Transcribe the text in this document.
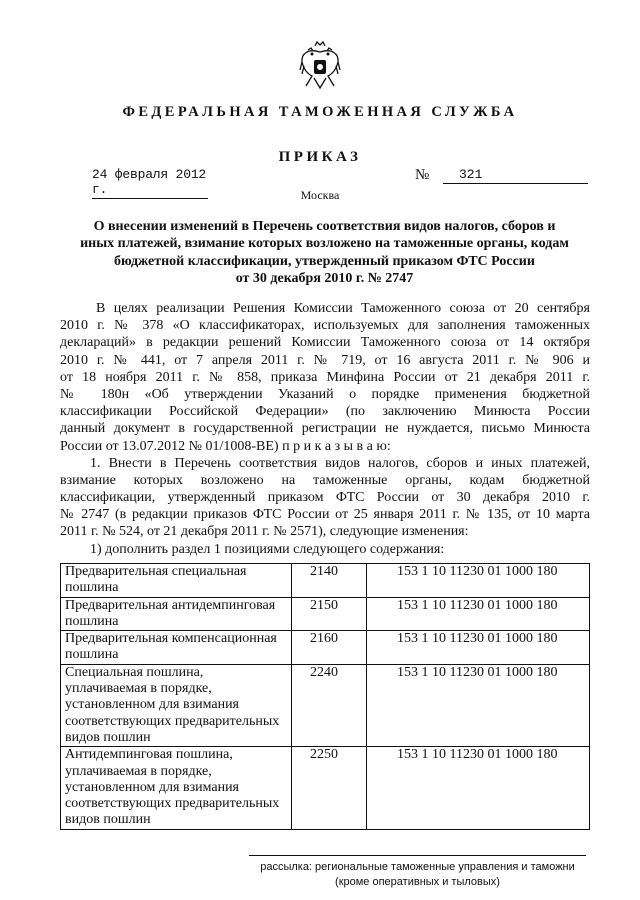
ФЕДЕРАЛЬНАЯ ТАМОЖЕННАЯ СЛУЖБА
ПРИКАЗ
24 февраля 2012 г.
№	321
Москва
О внесении изменений в Перечень соответствия видов налогов, сборов и
иных платежей, взимание которых возложено на таможенные органы, кодам
бюджетной классификации, утвержденный приказом ФТС России
от 30 декабря 2010 г. № 2747
В целях реализации Решения Комиссии Таможенного союза от 20 сентября
2010 г. № 378 «О классификаторах, используемых для заполнения таможенных
деклараций» в редакции решений Комиссии Таможенного союза от 14 октября
2010 г. № 441, от 7 апреля 2011 г. № 719, от 16 августа 2011 г. № 906 и
от 18 ноября 2011 г. № 858, приказа Минфина России от 21 декабря 2011 г.
№ 180н «Об утверждении Указаний о порядке применения бюджетной
классификации Российской Федерации» (по заключению Минюста России
данный документ в государственной регистрации не нуждается, письмо Минюста
России от 13.07.2012 № 01/1008-ВЕ) п р и к а з ы в а ю:
1. Внести в Перечень соответствия видов налогов, сборов и иных платежей,
взимание которых возложено на таможенные органы, кодам бюджетной
классификации, утвержденный приказом ФТС России от 30 декабря 2010 г.
№ 2747 (в редакции приказов ФТС России от 25 января 2011 г. № 135, от 10 марта
2011 г. № 524, от 21 декабря 2011 г. № 2571), следующие изменения:
1) дополнить раздел 1 позициями следующего содержания:
Предварительная специальная
пошлина	2140	153 1 10 11230 01 1000 180

Предварительная антидемпинговая
пошлина	2150	153 1 10 11230 01 1000 180

Предварительная компенсационная
пошлина	2160	153 1 10 11230 01 1000 180

Специальная пошлина,
уплачиваемая в порядке,
установленном для взимания
соответствующих предварительных
видов пошлин	2240	153 1 10 11230 01 1000 180

Антидемпинговая пошлина,
уплачиваемая в порядке,
установленном для взимания
соответствующих предварительных
видов пошлин	2250	153 1 10 11230 01 1000 180
рассылка: региональные таможенные управления и таможни
(кроме оперативных и тыловых)
